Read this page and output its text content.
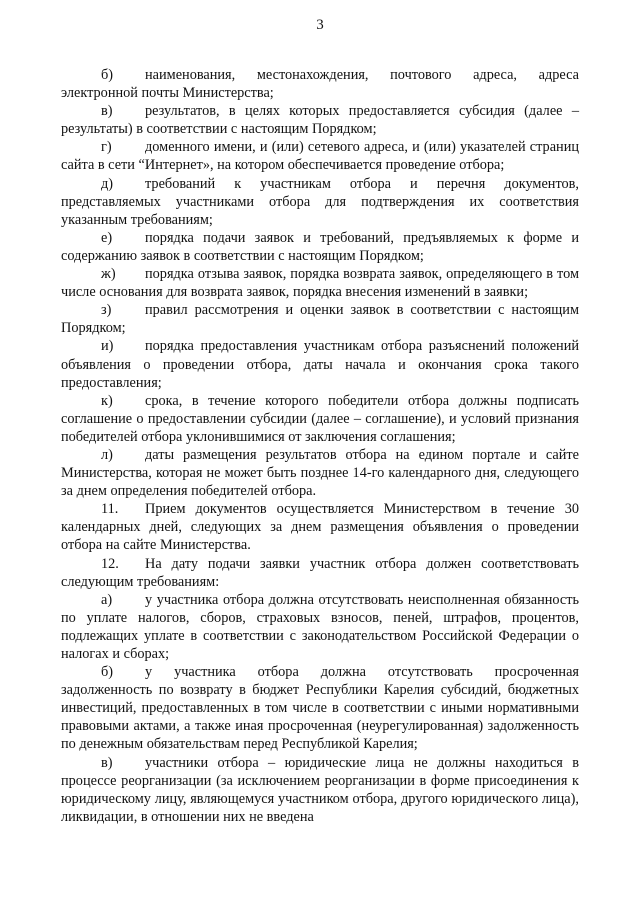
3

б) наименования, местонахождения, почтового адреса, адреса электронной почты Министерства;

в) результатов, в целях которых предоставляется субсидия (далее – результаты) в соответствии с настоящим Порядком;

г) доменного имени, и (или) сетевого адреса, и (или) указателей страниц сайта в сети “Интернет», на котором обеспечивается проведение отбора;

д) требований к участникам отбора и перечня документов, представляемых участниками отбора для подтверждения их соответствия указанным требованиям;

е) порядка подачи заявок и требований, предъявляемых к форме и содержанию заявок в соответствии с настоящим Порядком;

ж) порядка отзыва заявок, порядка возврата заявок, определяющего в том числе основания для возврата заявок, порядка внесения изменений в заявки;

з) правил рассмотрения и оценки заявок в соответствии с настоящим Порядком;

и) порядка предоставления участникам отбора разъяснений положений объявления о проведении отбора, даты начала и окончания срока такого предоставления;

к) срока, в течение которого победители отбора должны подписать соглашение о предоставлении субсидии (далее – соглашение), и условий признания победителей отбора уклонившимися от заключения соглашения;

л) даты размещения результатов отбора на едином портале и сайте Министерства, которая не может быть позднее 14-го календарного дня, следующего за днем определения победителей отбора.

11. Прием документов осуществляется Министерством в течение 30 календарных дней, следующих за днем размещения объявления о проведении отбора на сайте Министерства.

12. На дату подачи заявки участник отбора должен соответствовать следующим требованиям:

а) у участника отбора должна отсутствовать неисполненная обязанность по уплате налогов, сборов, страховых взносов, пеней, штрафов, процентов, подлежащих уплате в соответствии с законодательством Российской Федерации о налогах и сборах;

б) у участника отбора должна отсутствовать просроченная задолженность по возврату в бюджет Республики Карелия субсидий, бюджетных инвестиций, предоставленных в том числе в соответствии с иными нормативными правовыми актами, а также иная просроченная (неурегулированная) задолженность по денежным обязательствам перед Республикой Карелия;

в) участники отбора – юридические лица не должны находиться в процессе реорганизации (за исключением реорганизации в форме присоединения к юридическому лицу, являющемуся участником отбора, другого юридического лица), ликвидации, в отношении них не введена
